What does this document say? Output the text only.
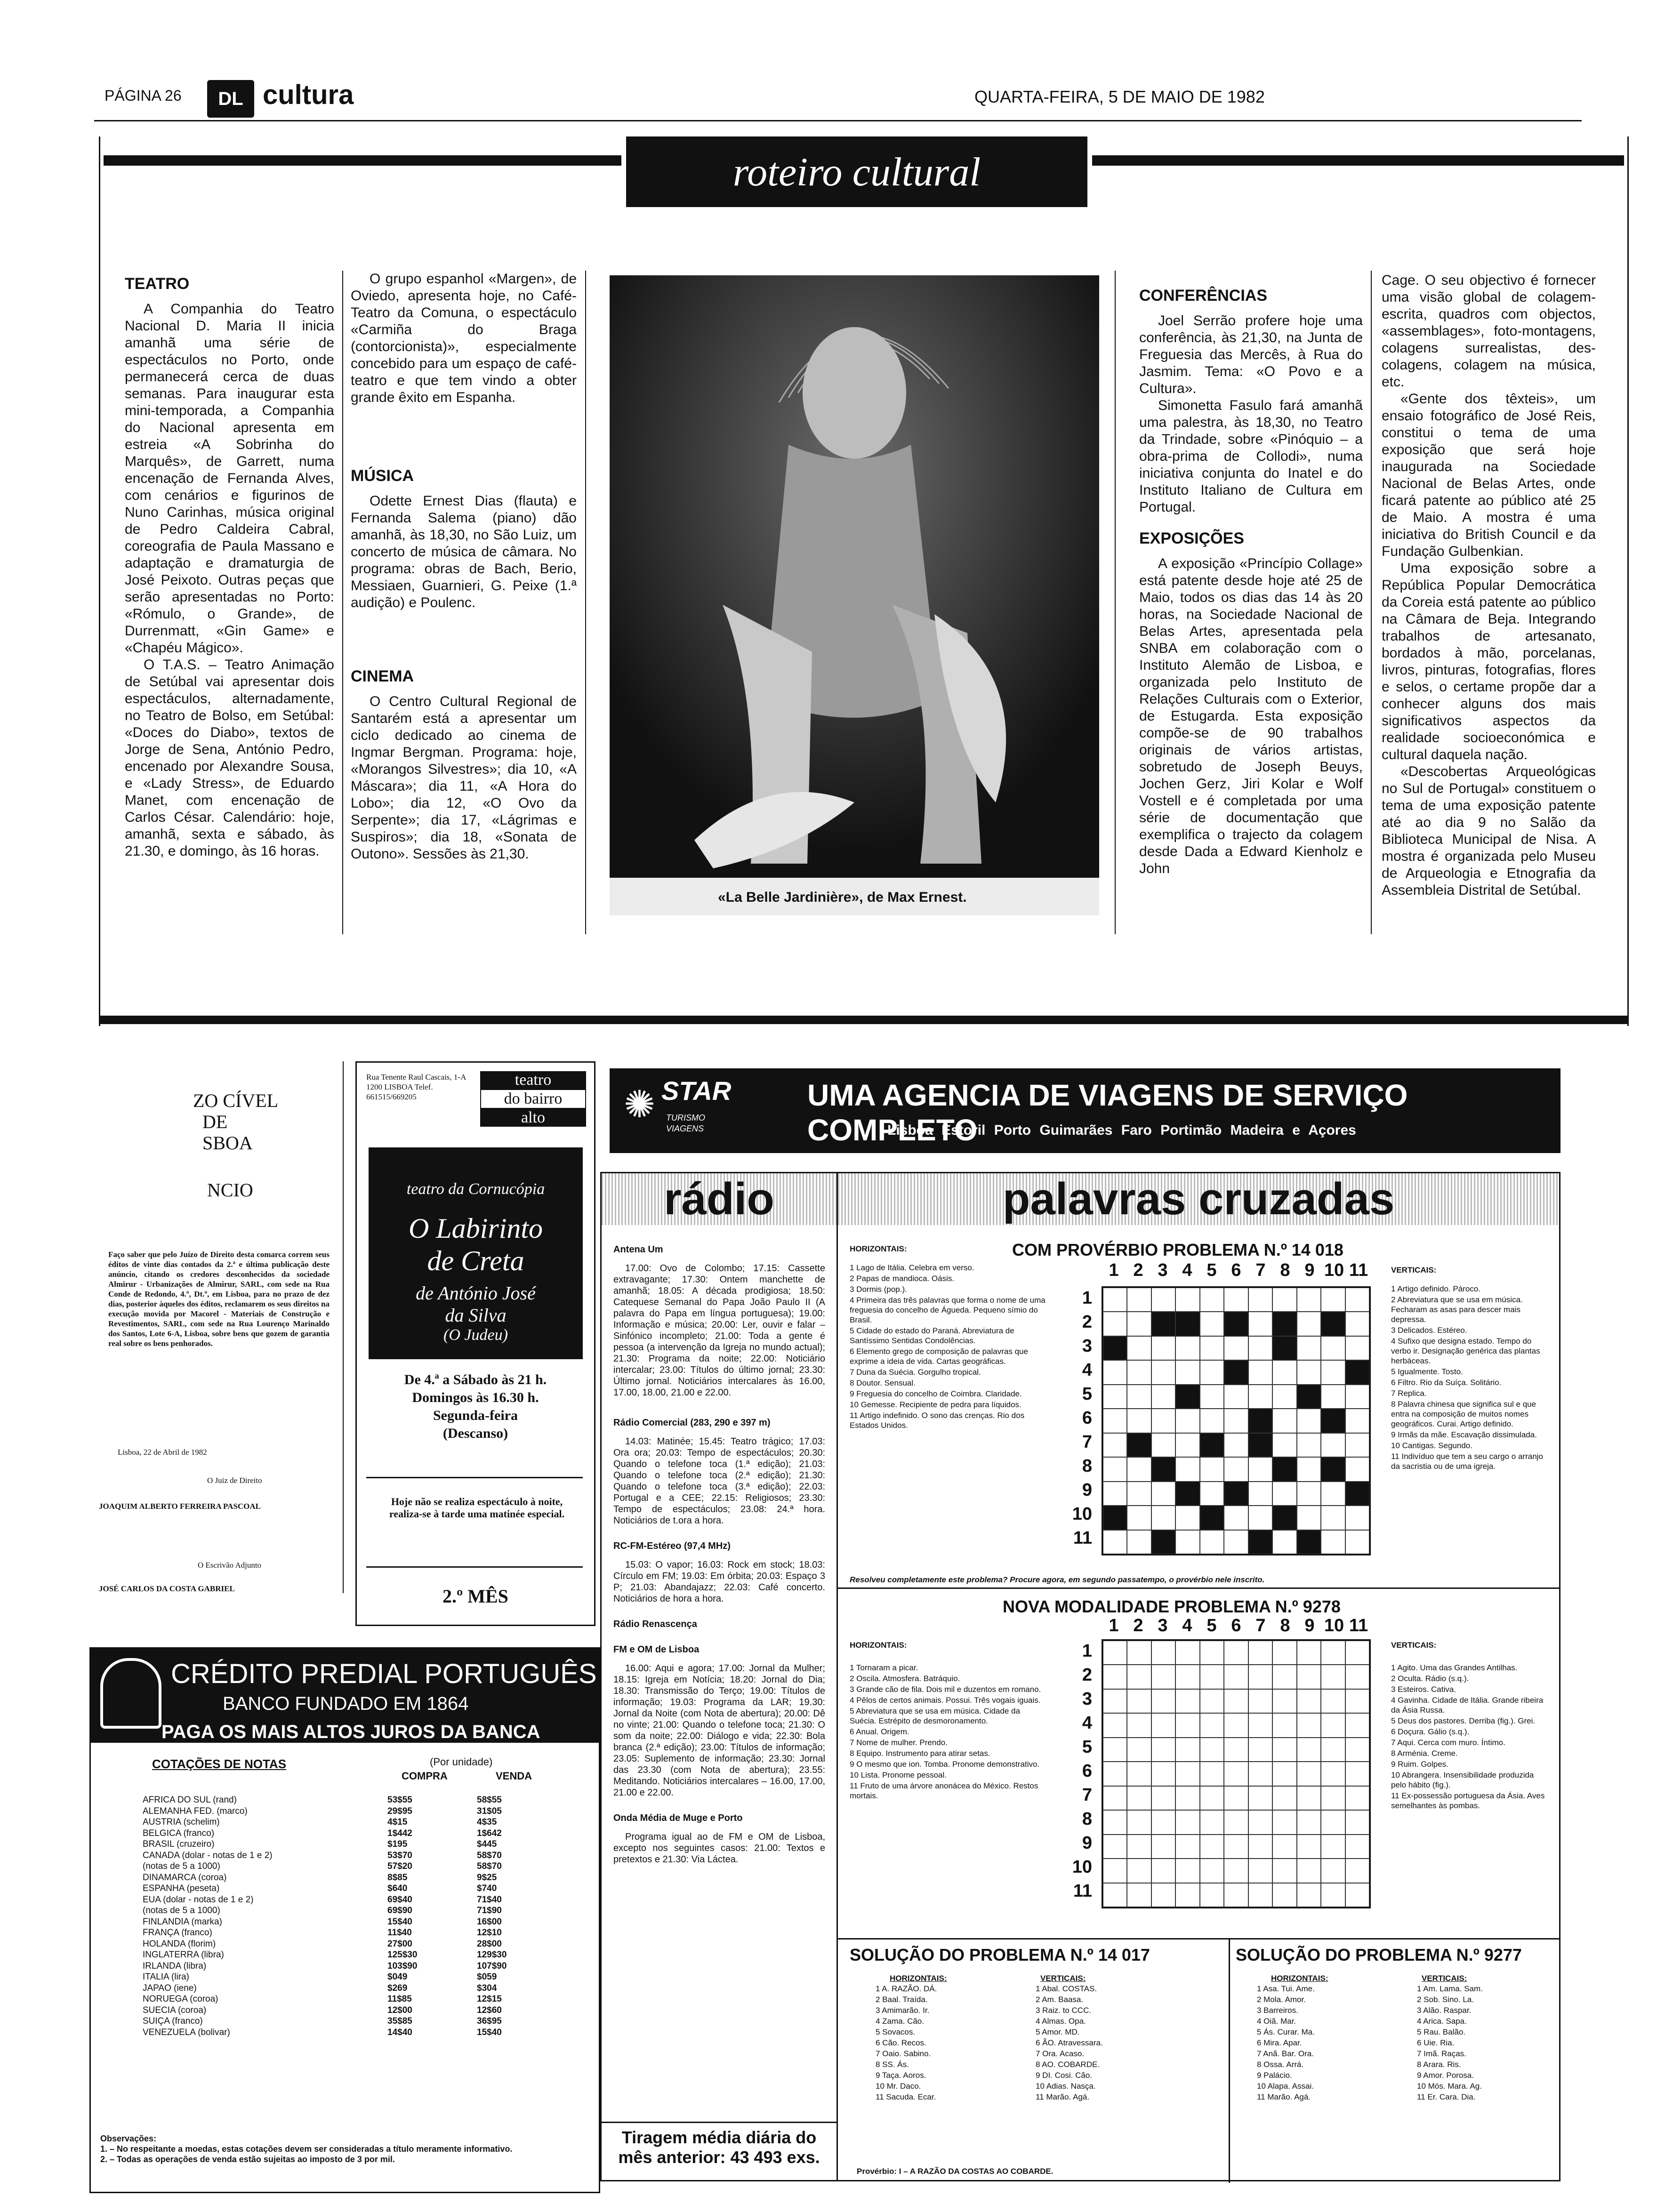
PÁGINA 26	DL cultura	QUARTA-FEIRA, 5 DE MAIO DE 1982
roteiro cultural
TEATRO

A Companhia do Teatro Nacional D. Maria II inicia amanhã uma série de espectáculos no Porto, onde permanecerá cerca de duas semanas. Para inaugurar esta mini-temporada, a Companhia do Nacional apresenta em estreia «A Sobrinha do Marquês», de Garrett, numa encenação de Fernanda Alves, com cenários e figurinos de Nuno Carinhas, música original de Pedro Caldeira Cabral, coreografia de Paula Massano e adaptação e dramaturgia de José Peixoto. Outras peças que serão apresentadas no Porto: «Rómulo, o Grande», de Durrenmatt, «Gin Game» e «Chapéu Mágico».

O T.A.S. – Teatro Animação de Setúbal vai apresentar dois espectáculos, alternadamente, no Teatro de Bolso, em Setúbal: «Doces do Diabo», textos de Jorge de Sena, António Pedro, encenado por Alexandre Sousa, e «Lady Stress», de Eduardo Manet, com encenação de Carlos César. Calendário: hoje, amanhã, sexta e sábado, às 21.30, e domingo, às 16 horas.

O grupo espanhol «Margen», de Oviedo, apresenta hoje, no Café-Teatro da Comuna, o espectáculo «Carmiña do Braga (contorcionista)», especialmente concebido para um espaço de café-teatro e que tem vindo a obter grande êxito em Espanha.

MÚSICA

Odette Ernest Dias (flauta) e Fernanda Salema (piano) dão amanhã, às 18,30, no São Luiz, um concerto de música de câmara. No programa: obras de Bach, Berio, Messiaen, Guarnieri, G. Peixe (1.ª audição) e Poulenc.

CINEMA

O Centro Cultural Regional de Santarém está a apresentar um ciclo dedicado ao cinema de Ingmar Bergman. Programa: hoje, «Morangos Silvestres»; dia 10, «A Máscara»; dia 11, «A Hora do Lobo»; dia 12, «O Ovo da Serpente»; dia 17, «Lágrimas e Suspiros»; dia 18, «Sonata de Outono». Sessões às 21,30.

«La Belle Jardinière», de Max Ernest.
CONFERÊNCIAS

Joel Serrão profere hoje uma conferência, às 21,30, na Junta de Freguesia das Mercês, à Rua do Jasmim. Tema: «O Povo e a Cultura».

Simonetta Fasulo fará amanhã uma palestra, às 18,30, no Teatro da Trindade, sobre «Pinóquio – a obra-prima de Collodi», numa iniciativa conjunta do Inatel e do Instituto Italiano de Cultura em Portugal.

EXPOSIÇÕES

A exposição «Princípio Collage» está patente desde hoje até 25 de Maio, todos os dias das 14 às 20 horas, na Sociedade Nacional de Belas Artes, apresentada pela SNBA em colaboração com o Instituto Alemão de Lisboa, e organizada pelo Instituto de Relações Culturais com o Exterior, de Estugarda. Esta exposição compõe-se de 90 trabalhos originais de vários artistas, sobretudo de Joseph Beuys, Jochen Gerz, Jiri Kolar e Wolf Vostell e é completada por uma série de documentação que exemplifica o trajecto da colagem desde Dada a Edward Kienholz e John

Cage. O seu objectivo é fornecer uma visão global de colagem-escrita, quadros com objectos, «assemblages», foto-montagens, colagens surrealistas, des-colagens, colagem na música, etc.

«Gente dos têxteis», um ensaio fotográfico de José Reis, constitui o tema de uma exposição que será hoje inaugurada na Sociedade Nacional de Belas Artes, onde ficará patente ao público até 25 de Maio. A mostra é uma iniciativa do British Council e da Fundação Gulbenkian.

Uma exposição sobre a República Popular Democrática da Coreia está patente ao público na Câmara de Beja. Integrando trabalhos de artesanato, bordados à mão, porcelanas, livros, pinturas, fotografias, flores e selos, o certame propõe dar a conhecer alguns dos mais significativos aspectos da realidade socioeconómica e cultural daquela nação.

«Descobertas Arqueológicas no Sul de Portugal» constituem o tema de uma exposição patente até ao dia 9 no Salão da Biblioteca Municipal de Nisa. A mostra é organizada pelo Museu de Arqueologia e Etnografia da Assembleia Distrital de Setúbal.

ZO CÍVEL
DE
SBOA
NCIO
Faço saber que pelo Juízo de Direito desta comarca correm seus éditos de vinte dias contados da 2.ª e última publicação deste anúncio, citando os credores desconhecidos da sociedade Almirur - Urbanizações de Almirur, SARL, com sede na Rua Conde de Redondo, 4.º, Dt.º, em Lisboa, para no prazo de dez dias, posterior àqueles dos éditos, reclamarem os seus direitos na execução movida por Macorel - Materiais de Construção e Revestimentos, SARL, com sede na Rua Lourenço Marinaldo dos Santos, Lote 6-A, Lisboa, sobre bens que gozem de garantia real sobre os bens penhorados.
Lisboa, 22 de Abril de 1982
O Juiz de Direito
JOAQUIM ALBERTO FERREIRA PASCOAL
O Escrivão Adjunto
JOSÉ CARLOS DA COSTA GABRIEL
Rua Tenente Raul Cascais, 1-A 1200 LISBOA Telef. 661515/669205
teatro
do bairro
alto
teatro da Cornucópia
O Labirinto
de Creta
de António José
da Silva
(O Judeu)
De 4.ª a Sábado às 21 h.
Domingos às 16.30 h.
Segunda-feira
(Descanso)
Hoje não se realiza espectáculo à noite, realiza-se à tarde uma matinée especial.
2.º MÊS
CRÉDITO PREDIAL PORTUGUÊS
BANCO FUNDADO EM 1864
PAGA OS MAIS ALTOS JUROS DA BANCA
COTAÇÕES DE NOTAS	(Por unidade)
COMPRA	VENDA
AFRICA DO SUL (rand)	53$55	58$55
ALEMANHA FED. (marco)	29$95	31$05
AUSTRIA (schelim)	4$15	4$35
BELGICA (franco)	1$442	1$642
BRASIL (cruzeiro)	$195	$445
CANADA (dolar - notas de 1 e 2)	53$70	58$70
(notas de 5 a 1000)	57$20	58$70
DINAMARCA (coroa)	8$85	9$25
ESPANHA (peseta)	$640	$740
EUA (dolar - notas de 1 e 2)	69$40	71$40
(notas de 5 a 1000)	69$90	71$90
FINLANDIA (marka)	15$40	16$00
FRANÇA (franco)	11$40	12$10
HOLANDA (florim)	27$00	28$00
INGLATERRA (libra)	125$30	129$30
IRLANDA (libra)	103$90	107$90
ITALIA (lira)	$049	$059
JAPAO (iene)	$269	$304
NORUEGA (coroa)	11$85	12$15
SUECIA (coroa)	12$00	12$60
SUIÇA (franco)	35$85	36$95
VENEZUELA (bolivar)	14$40	15$40
Observações:
1. – No respeitante a moedas, estas cotações devem ser consideradas a título meramente informativo.
2. – Todas as operações de venda estão sujeitas ao imposto de 3 por mil.
✺ STAR
TURISMO
VIAGENS
UMA AGENCIA DE VIAGENS DE SERVIÇO COMPLETO
Lisboa Estoril Porto Guimarães Faro Portimão Madeira e Açores
rádio
Antena Um
17.00: Ovo de Colombo; 17.15: Cassette extravagante; 17.30: Ontem manchette de amanhã; 18.05: A década prodigiosa; 18.50: Catequese Semanal do Papa João Paulo II (A palavra do Papa em língua portuguesa); 19.00: Informação e música; 20.00: Ler, ouvir e falar – Sinfónico incompleto; 21.00: Toda a gente é pessoa (a intervenção da Igreja no mundo actual); 21.30: Programa da noite; 22.00: Noticiário intercalar; 23.00: Títulos do último jornal; 23.30: Último jornal. Noticiários intercalares às 16.00, 17.00, 18.00, 21.00 e 22.00.
Rádio Comercial (283, 290 e 397 m)
14.03: Matinée; 15.45: Teatro trágico; 17.03: Ora ora; 20.03: Tempo de espectáculos; 20.30: Quando o telefone toca (1.ª edição); 21.03: Quando o telefone toca (2.ª edição); 21.30: Quando o telefone toca (3.ª edição); 22.03: Portugal e a CEE; 22.15: Religiosos; 23.30: Tempo de espectáculos; 23.08: 24.ª hora. Noticiários de t.ora a hora.
RC-FM-Estéreo (97,4 MHz)
15.03: O vapor; 16.03: Rock em stock; 18.03: Círculo em FM; 19.03: Em órbita; 20.03: Espaço 3 P; 21.03: Abandajazz; 22.03: Café concerto. Noticiários de hora a hora.
Rádio Renascença
FM e OM de Lisboa
16.00: Aqui e agora; 17.00: Jornal da Mulher; 18.15: Igreja em Notícia; 18.20: Jornal do Dia; 18.30: Transmissão do Terço; 19.00: Títulos de informação; 19.03: Programa da LAR; 19.30: Jornal da Noite (com Nota de abertura); 20.00: Dê no vinte; 21.00: Quando o telefone toca; 21.30: O som da noite; 22.00: Diálogo e vida; 22.30: Bola branca (2.ª edição); 23.00: Títulos de informação; 23.05: Suplemento de informação; 23.30: Jornal das 23.30 (com Nota de abertura); 23.55: Meditando. Noticiários intercalares – 16.00, 17.00, 21.00 e 22.00.
Onda Média de Muge e Porto
Programa igual ao de FM e OM de Lisboa, excepto nos seguintes casos: 21.00: Textos e pretextos e 21.30: Via Láctea.
Tiragem média diária do
mês anterior: 43 493 exs.
palavras cruzadas
COM PROVÉRBIO PROBLEMA N.º 14 018
HORIZONTAIS:
1 Lago de Itália. Celebra em verso.
2 Papas de mandioca. Oásis.
3 Dormis (pop.).
4 Primeira das três palavras que forma o nome de uma freguesia do concelho de Águeda. Pequeno símio do Brasil.
5 Cidade do estado do Paraná. Abreviatura de Santíssimo Sentidas Condolências.
6 Elemento grego de composição de palavras que exprime a ideia de vida. Cartas geográficas.
7 Duna da Suécia. Gorgulho tropical.
8 Doutor. Sensual.
9 Freguesia do concelho de Coimbra. Claridade.
10 Gemesse. Recipiente de pedra para líquidos.
11 Artigo indefinido. O sono das crenças. Rio dos Estados Unidos.
VERTICAIS:
1 Artigo definido. Pároco.
2 Abreviatura que se usa em música. Fecharam as asas para descer mais depressa.
3 Delicados. Estéreo.
4 Sufixo que designa estado. Tempo do verbo ir. Designação genérica das plantas herbáceas.
5 Igualmente. Tosto.
6 Filtro. Rio da Suíça. Solitário.
7 Replica.
8 Palavra chinesa que significa sul e que entra na composição de muitos nomes geográficos. Curai. Artigo definido.
9 Irmãs da mãe. Escavação dissimulada.
10 Cantigas. Segundo.
11 Indivíduo que tem a seu cargo o arranjo da sacristia ou de uma igreja.
1 2 3 4 5 6 7 8 9 10 11
1
2
3
4
5
6
7
8
9
10
11
Resolveu completamente este problema? Procure agora, em segundo passatempo, o provérbio nele inscrito.
NOVA MODALIDADE PROBLEMA N.º 9278
HORIZONTAIS:
1 Tornaram a picar.
2 Oscila. Atmosfera. Batráquio.
3 Grande cão de fila. Dois mil e duzentos em romano.
4 Pêlos de certos animais. Possui. Três vogais iguais.
5 Abreviatura que se usa em música. Cidade da Suécia. Estrépito de desmoronamento.
6 Anual. Origem.
7 Nome de mulher. Prendo.
8 Equipo. Instrumento para atirar setas.
9 O mesmo que ion. Tomba. Pronome demonstrativo.
10 Lista. Pronome pessoal.
11 Fruto de uma árvore anonácea do México. Restos mortais.
VERTICAIS:
1 Agito. Uma das Grandes Antilhas.
2 Oculta. Rádio (s.q.).
3 Esteiros. Cativa.
4 Gavinha. Cidade de Itália. Grande ribeira da Ásia Russa.
5 Deus dos pastores. Derriba (fig.). Grei.
6 Doçura. Gálio (s.q.).
7 Aqui. Cerca com muro. Íntimo.
8 Arménia. Creme.
9 Ruim. Golpes.
10 Abrangera. Insensibilidade produzida pelo hábito (fig.).
11 Ex-possessão portuguesa da Ásia. Aves semelhantes às pombas.
1 2 3 4 5 6 7 8 9 10 11
1
2
3
4
5
6
7
8
9
10
11
SOLUÇÃO DO PROBLEMA N.º 14 017
HORIZONTAIS:
1 A. RAZÃO. DÁ.
2 Baal. Traída.
3 Amimarão. Ir.
4 Zama. Cão.
5 Sovacos.
6 Cão. Recos.
7 Oaio. Sabino.
8 SS. Ás.
9 Taça. Aoros.
10 Mr. Daco.
11 Sacuda. Ecar.
VERTICAIS:
1 Abal. COSTAS.
2 Am. Baasa.
3 Raiz. to CCC.
4 Almas. Opa.
5 Amor. MD.
6 ÃO. Atravessara.
7 Ora. Acaso.
8 AO. COBARDE.
9 DI. Cosi. Cão.
10 Adias. Nasça.
11 Marão. Agá.
Provérbio: I – A RAZÃO DA COSTAS AO COBARDE.
SOLUÇÃO DO PROBLEMA N.º 9277
HORIZONTAIS:
1 Asa. Tui. Ame.
2 Mola. Amor.
3 Barreiros.
4 Oiã. Mar.
5 Ás. Curar. Ma.
6 Mira. Apar.
7 Anã. Bar. Ora.
8 Ossa. Arrá.
9 Palácio.
10 Alapa. Assai.
11 Marão. Agá.
VERTICAIS:
1 Am. Lama. Sam.
2 Sob. Sino. La.
3 Alão. Raspar.
4 Arica. Sapa.
5 Rau. Balão.
6 Uie. Ria.
7 Imã. Raças.
8 Arara. Ris.
9 Amor. Porosa.
10 Mós. Mara. Ag.
11 Er. Cara. Dia.
